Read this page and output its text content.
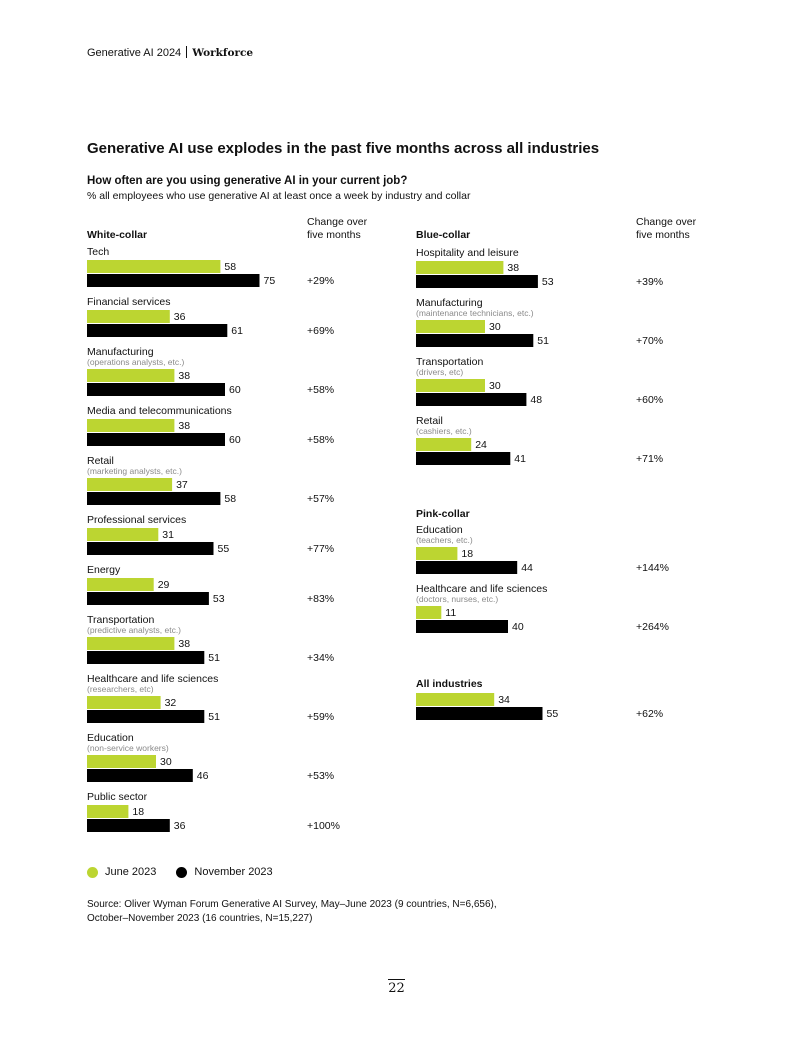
Generative AI 2024 Workforce
Generative AI use explodes in the past five months across all industries
How often are you using generative AI in your current job?
% all employees who use generative AI at least once a week by industry and collar
White-collar
Change over
five months
Tech
58
75	+29%
Financial services
36
61	+69%
Manufacturing
(operations analysts, etc.)
38
60	+58%
Media and telecommunications
38
60	+58%
Retail
(marketing analysts, etc.)
37
58	+57%
Professional services
31
55	+77%
Energy
29
53	+83%
Transportation
(predictive analysts, etc.)
38
51	+34%
Healthcare and life sciences
(researchers, etc)
32
51	+59%
Education
(non-service workers)
30
46	+53%
Public sector
18
36	+100%
Blue-collar
Change over
five months
Hospitality and leisure
38
53	+39%
Manufacturing
(maintenance technicians, etc.)
30
51	+70%
Transportation
(drivers, etc)
30
48	+60%
Retail
(cashiers, etc.)
24
41	+71%
Pink-collar
Education
(teachers, etc.)
18
44	+144%
Healthcare and life sciences
(doctors, nurses, etc.)
11
40	+264%
All industries
34
55	+62%
June 2023	November 2023
Source: Oliver Wyman Forum Generative AI Survey, May–June 2023 (9 countries, N=6,656),
October–November 2023 (16 countries, N=15,227)
22
